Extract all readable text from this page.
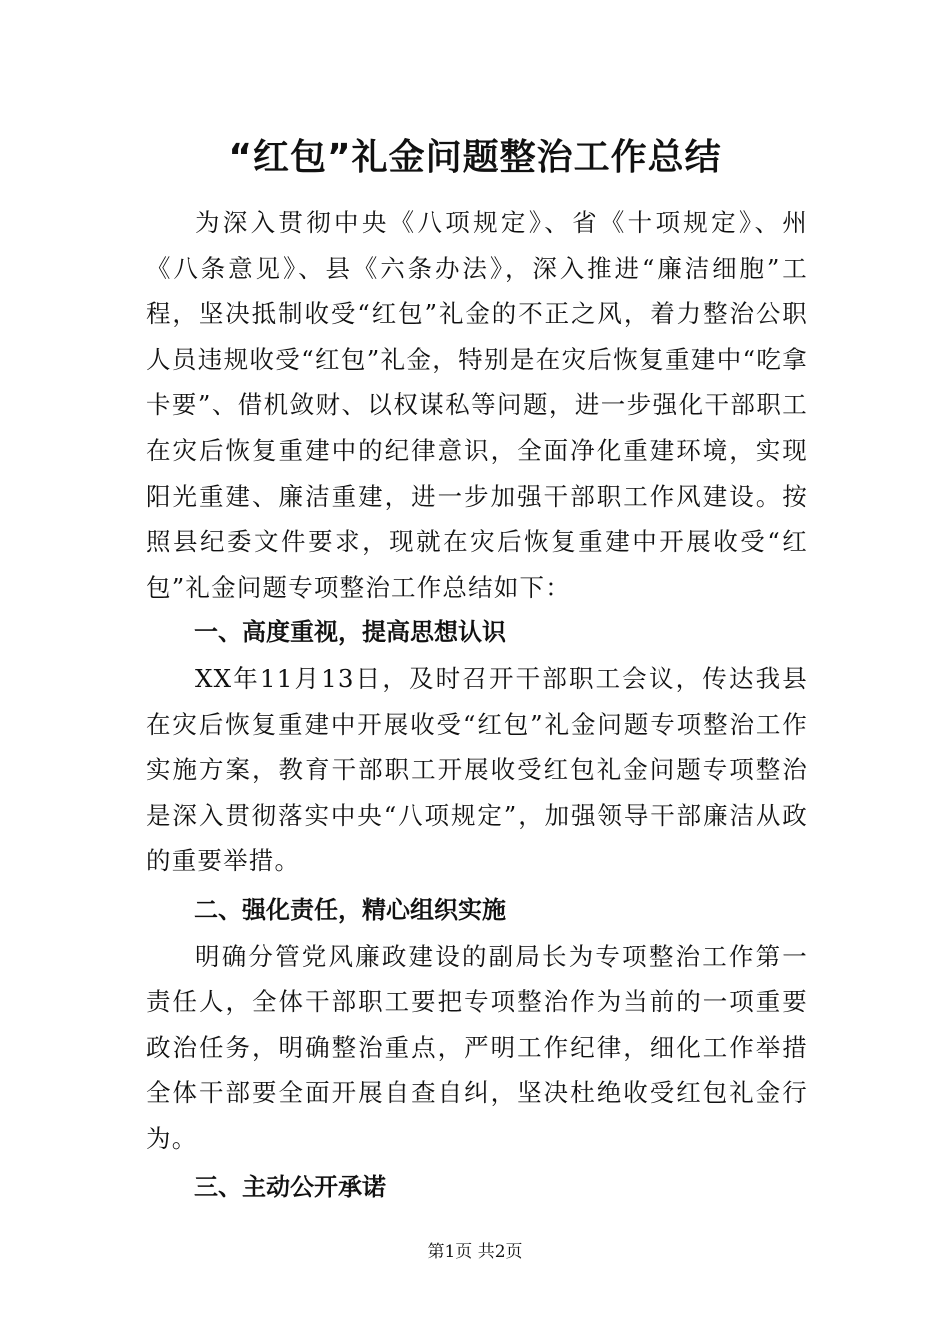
“红包”礼金问题整治工作总结

为深入贯彻中央《八项规定》、省《十项规定》、州《八条意见》、县《六条办法》，深入推进“廉洁细胞”工程，坚决抵制收受“红包”礼金的不正之风，着力整治公职人员违规收受“红包”礼金，特别是在灾后恢复重建中“吃拿卡要”、借机敛财、以权谋私等问题，进一步强化干部职工在灾后恢复重建中的纪律意识，全面净化重建环境，实现阳光重建、廉洁重建，进一步加强干部职工作风建设。按照县纪委文件要求，现就在灾后恢复重建中开展收受“红包”礼金问题专项整治工作总结如下：

一、高度重视，提高思想认识

XX年11月13日，及时召开干部职工会议，传达我县在灾后恢复重建中开展收受“红包”礼金问题专项整治工作实施方案，教育干部职工开展收受红包礼金问题专项整治是深入贯彻落实中央“八项规定”，加强领导干部廉洁从政的重要举措。

二、强化责任，精心组织实施

明确分管党风廉政建设的副局长为专项整治工作第一责任人，全体干部职工要把专项整治作为当前的一项重要政治任务，明确整治重点，严明工作纪律，细化工作举措全体干部要全面开展自查自纠，坚决杜绝收受红包礼金行为。

三、主动公开承诺

第1页 共2页
